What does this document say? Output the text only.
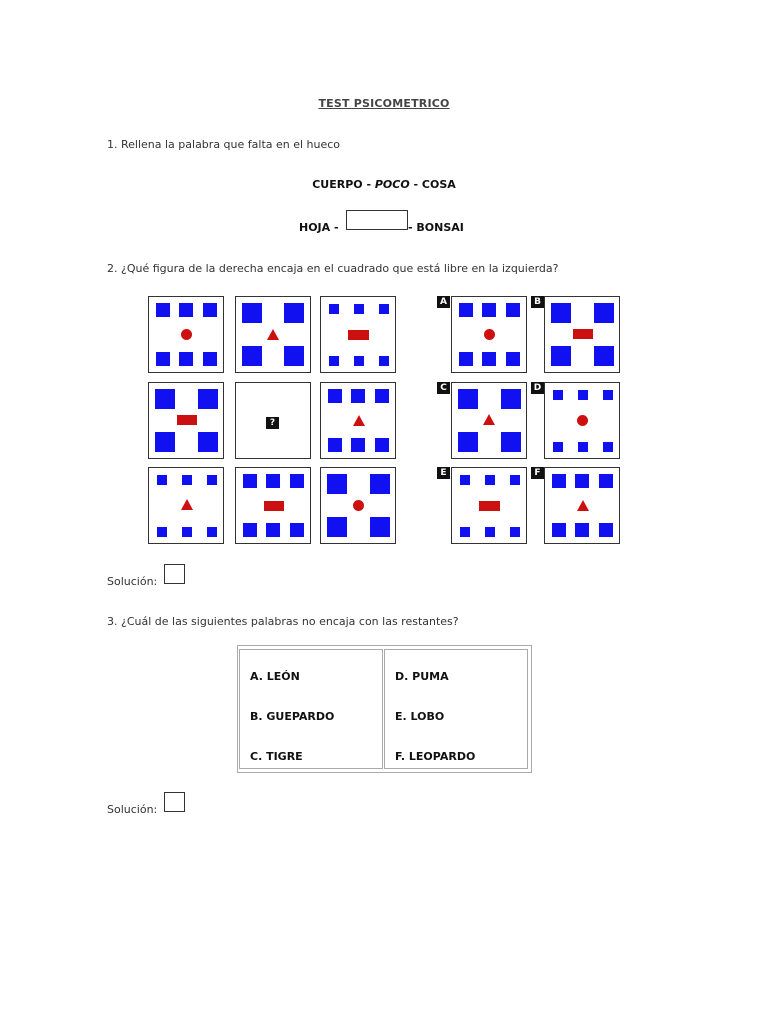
TEST PSICOMETRICO
1. Rellena la palabra que falta en el hueco
CUERPO - POCO - COSA
HOJA -	- BONSAI
2. ¿Qué figura de la derecha encaja en el cuadrado que está libre en la izquierda?
?
A	B
C	D
E	F
Solución:
3. ¿Cuál de las siguientes palabras no encaja con las restantes?
A. LEÓN
B. GUEPARDO
C. TIGRE
D. PUMA
E. LOBO
F. LEOPARDO
Solución:
